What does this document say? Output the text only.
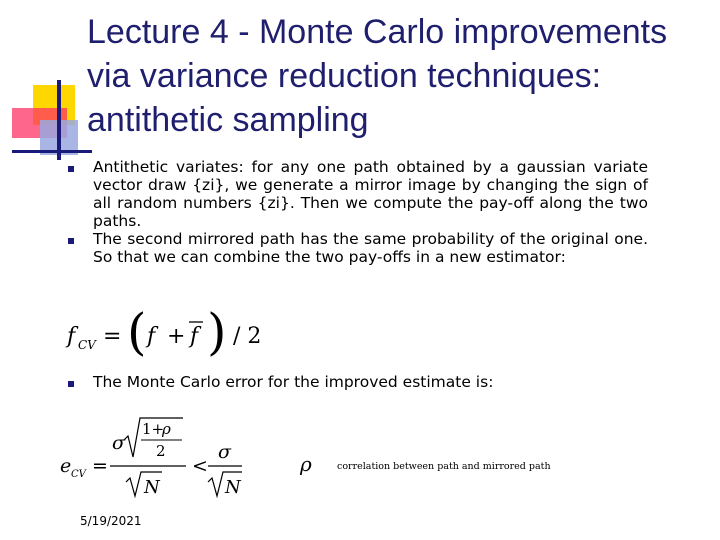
Lecture 4 - Monte Carlo improvements
via variance reduction techniques:
antithetic sampling
Antithetic variates: for any one path obtained by a gaussian variate vector draw {zi}, we generate a mirror image by changing the sign of all random numbers {zi}. Then we compute the pay-off along the two paths.
The second mirrored path has the same probability of the original one. So that we can combine the two pay-offs in a new estimator:
f CV = ( f + f ) / 2
The Monte Carlo error for the improved estimate is:
e CV =
σ
1+
ρ
2
N
<
σ
N
ρ	correlation between path and mirrored path
5/19/2021
